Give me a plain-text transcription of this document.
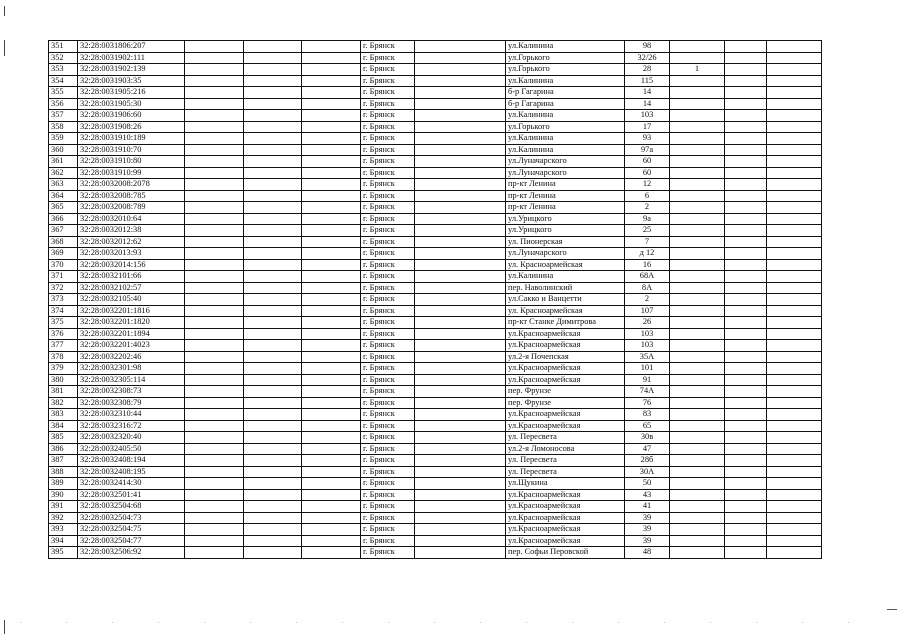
351	32:28:0031806:207				г. Брянск		ул.Калинина	98			
352	32:28:0031902:111				г. Брянск		ул.Горького	32/26			
353	32:28:0031902:139				г. Брянск		ул.Горького	28	1		
354	32:28:0031903:35				г. Брянск		ул.Калинина	115			
355	32:28:0031905:216				г. Брянск		б-р Гагарина	14			
356	32:28:0031905:30				г. Брянск		б-р Гагарина	14			
357	32:28:0031906:60				г. Брянск		ул.Калинина	103			
358	32:28:0031908:26				г. Брянск		ул.Горького	17			
359	32:28:0031910:189				г. Брянск		ул.Калинина	93			
360	32:28:0031910:70				г. Брянск		ул.Калинина	97а			
361	32:28:0031910:80				г. Брянск		ул.Луначарского	60			
362	32:28:0031910:99				г. Брянск		ул.Луначарского	60			
363	32:28:0032008:2078				г. Брянск		пр-кт Ленина	12			
364	32:28:0032008:785				г. Брянск		пр-кт Ленина	6			
365	32:28:0032008:789				г. Брянск		пр-кт Ленина	2			
366	32:28:0032010:64				г. Брянск		ул.Урицкого	9а			
367	32:28:0032012:38				г. Брянск		ул.Урицкого	25			
368	32:28:0032012:62				г. Брянск		ул. Пионерская	7			
369	32:28:0032013:93				г. Брянск		ул.Луначарского	д 12			
370	32:28:0032014:156				г. Брянск		ул. Красноармейская	16			
371	32:28:0032101:66				г. Брянск		ул.Калинина	68А			
372	32:28:0032102:57				г. Брянск		пер. Наволинский	8А			
373	32:28:0032105:40				г. Брянск		ул.Сакко и Ванцетти	2			
374	32:28:0032201:1816				г. Брянск		ул. Красноармейская	107			
375	32:28:0032201:1820				г. Брянск		пр-кт Станке Димитрова	26			
376	32:28:0032201:1894				г. Брянск		ул.Красноармейская	103			
377	32:28:0032201:4023				г. Брянск		ул.Красноармейская	103			
378	32:28:0032202:46				г. Брянск		ул.2-я Почепская	35А			
379	32:28:0032301:98				г. Брянск		ул.Красноармейская	101			
380	32:28:0032305:114				г. Брянск		ул.Красноармейская	91			
381	32:28:0032308:73				г. Брянск		пер. Фрунзе	74А			
382	32:28:0032308:79				г. Брянск		пер. Фрунзе	76			
383	32:28:0032310:44				г. Брянск		ул.Красноармейская	83			
384	32:28:0032316:72				г. Брянск		ул.Красноармейская	65			
385	32:28:0032320:40				г. Брянск		ул. Пересвета	30в			
386	32:28:0032405:50				г. Брянск		ул.2-я Ломоносова	47			
387	32:28:0032408:194				г. Брянск		ул. Пересвета	28б			
388	32:28:0032408:195				г. Брянск		ул. Пересвета	30А			
389	32:28:0032414:30				г. Брянск		ул.Щукина	50			
390	32:28:0032501:41				г. Брянск		ул.Красноармейская	43			
391	32:28:0032504:68				г. Брянск		ул.Красноармейская	41			
392	32:28:0032504:73				г. Брянск		ул.Красноармейская	39			
393	32:28:0032504:75				г. Брянск		ул.Красноармейская	39			
394	32:28:0032504:77				г. Брянск		ул.Красноармейская	39			
395	32:28:0032506:92				г. Брянск		пер. Софьи Перовской	48			
